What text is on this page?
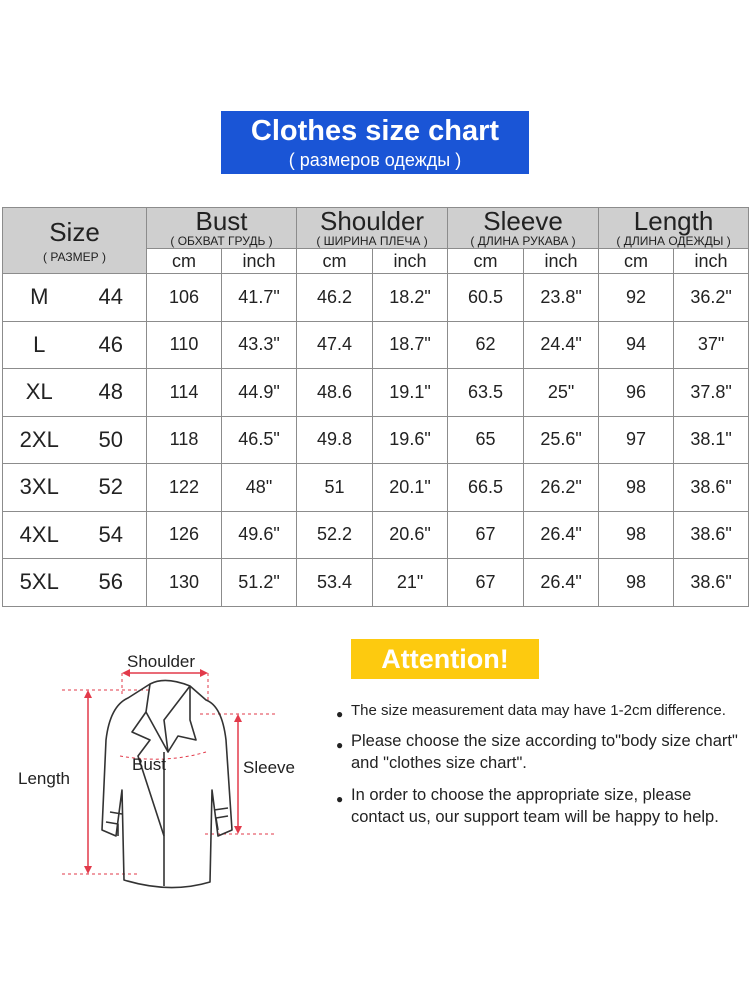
Clothes size chart
( размеров одежды )
Size
( РАЗМЕР )		Bust
( ОБХВАТ ГРУДЬ )		Shoulder
( ШИРИНА ПЛЕЧА )		Sleeve
( ДЛИНА РУКАВА )		Length
( ДЛИНА ОДЕЖДЫ )	

		cm	inch	cm	inch	cm	inch	cm	inch
M	44	106	41.7"	46.2	18.2"	60.5	23.8"	92	36.2"
L	46	110	43.3"	47.4	18.7"	62	24.4"	94	37"
XL	48	114	44.9"	48.6	19.1"	63.5	25"	96	37.8"
2XL	50	118	46.5"	49.8	19.6"	65	25.6"	97	38.1"
3XL	52	122	48"	51	20.1"	66.5	26.2"	98	38.6"
4XL	54	126	49.6"	52.2	20.6"	67	26.4"	98	38.6"
5XL	56	130	51.2"	53.4	21"	67	26.4"	98	38.6"
Shoulder
Length
Bust	Sleeve
Attention!
● The size measurement data may have 1-2cm difference.
● Please choose the size according to"body size chart" and "clothes size chart".
● In order to choose the appropriate size, please contact us, our support team will be happy to help.
